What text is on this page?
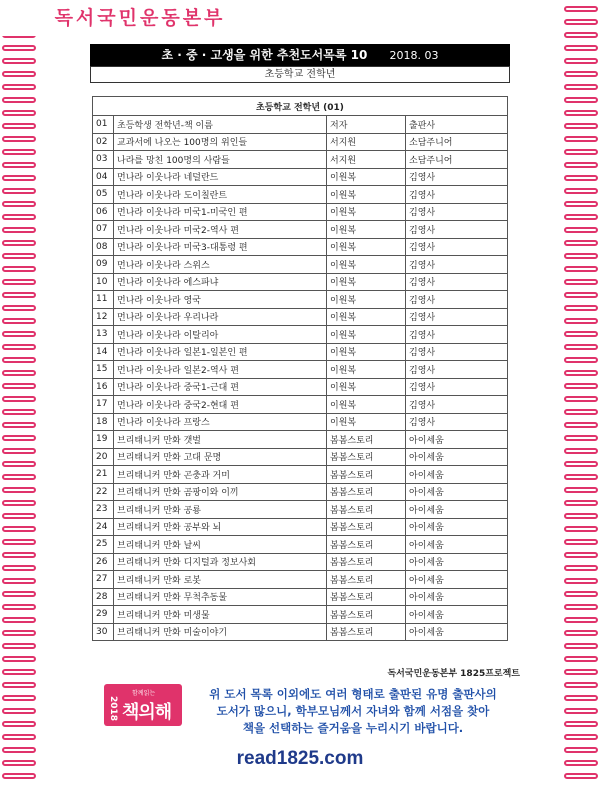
독서국민운동본부
초 · 중 · 고생을 위한 추천도서목록 10 2018. 03
초등학교 전학년
초등학교 전학년 (01)			
01	초등학생 전학년-책 이름	저자	출판사
02	교과서에 나오는 100명의 위인들	서지원	소담주니어
03	나라를 망친 100명의 사람들	서지원	소담주니어
04	먼나라 이웃나라 네덜란드	이원복	김영사
05	먼나라 이웃나라 도이칠란트	이원복	김영사
06	먼나라 이웃나라 미국1-미국인 편	이원복	김영사
07	먼나라 이웃나라 미국2-역사 편	이원복	김영사
08	먼나라 이웃나라 미국3-대통령 편	이원복	김영사
09	먼나라 이웃나라 스위스	이원복	김영사
10	먼나라 이웃나라 에스파냐	이원복	김영사
11	먼나라 이웃나라 영국	이원복	김영사
12	먼나라 이웃나라 우리나라	이원복	김영사
13	먼나라 이웃나라 이탈리아	이원복	김영사
14	먼나라 이웃나라 일본1-일본인 편	이원복	김영사
15	먼나라 이웃나라 일본2-역사 편	이원복	김영사
16	먼나라 이웃나라 중국1-근대 편	이원복	김영사
17	먼나라 이웃나라 중국2-현대 편	이원복	김영사
18	먼나라 이웃나라 프랑스	이원복	김영사
19	브리태니커 만화 갯벌	봄봄스토리	아이세움
20	브리태니커 만화 고대 문명	봄봄스토리	아이세움
21	브리태니커 만화 곤충과 거미	봄봄스토리	아이세움
22	브리태니커 만화 곰팡이와 이끼	봄봄스토리	아이세움
23	브리태니커 만화 공룡	봄봄스토리	아이세움
24	브리태니커 만화 공부와 뇌	봄봄스토리	아이세움
25	브리태니커 만화 날씨	봄봄스토리	아이세움
26	브리태니커 만화 디지털과 정보사회	봄봄스토리	아이세움
27	브리태니커 만화 로봇	봄봄스토리	아이세움
28	브리태니커 만화 무척추동물	봄봄스토리	아이세움
29	브리태니커 만화 미생물	봄봄스토리	아이세움
30	브리태니커 만화 미술이야기	봄봄스토리	아이세움
독서국민운동본부 1825프로젝트
함께읽는
2018 책의해
위 도서 목록 이외에도 여러 형태로 출판된 유명 출판사의
도서가 많으니, 학부모님께서 자녀와 함께 서점을 찾아
책을 선택하는 즐거움을 누리시기 바랍니다.
read1825.com
